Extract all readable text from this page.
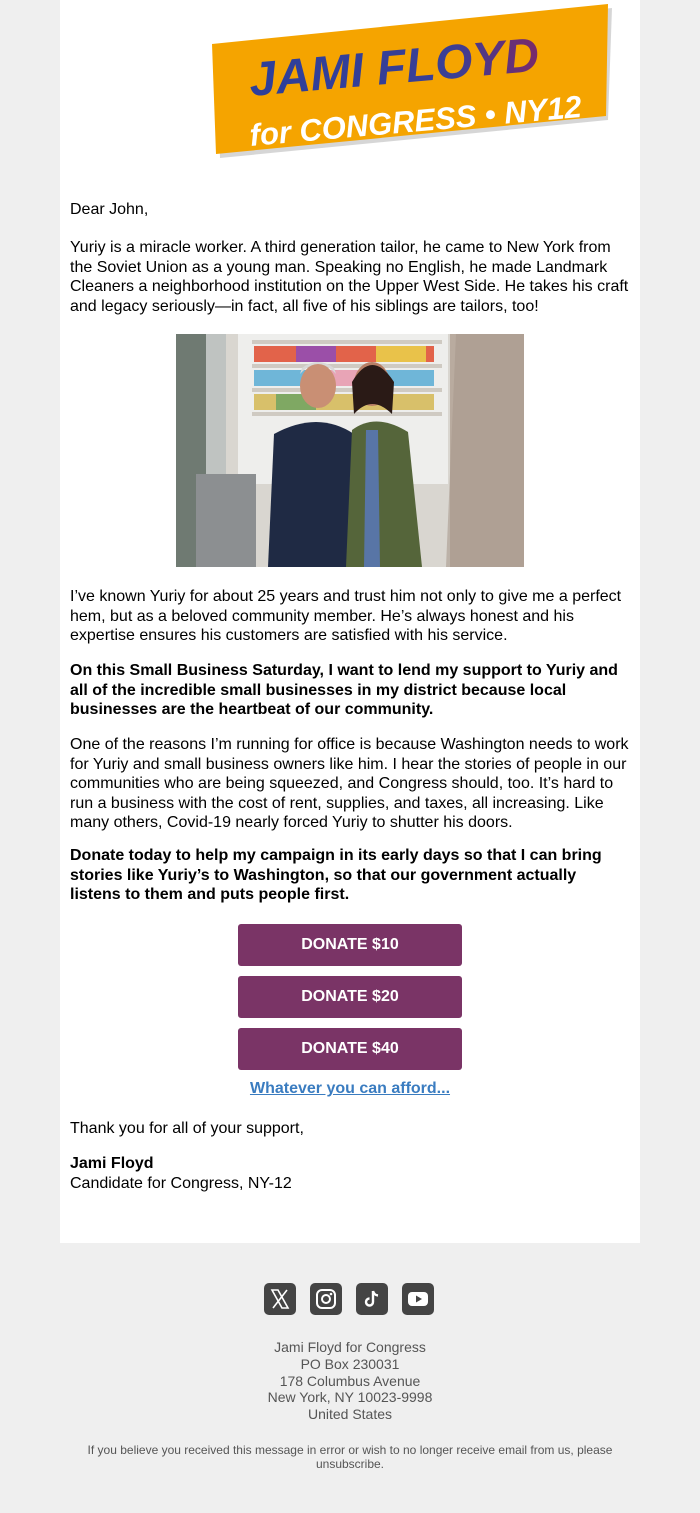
JAMI FLOYD
for CONGRESS • NY12
Dear John,
Yuriy is a miracle worker. A third generation tailor, he came to New York from the Soviet Union as a young man. Speaking no English, he made Landmark Cleaners a neighborhood institution on the Upper West Side. He takes his craft and legacy seriously—in fact, all five of his siblings are tailors, too!
I’ve known Yuriy for about 25 years and trust him not only to give me a perfect hem, but as a beloved community member. He’s always honest and his expertise ensures his customers are satisfied with his service.
On this Small Business Saturday, I want to lend my support to Yuriy and all of the incredible small businesses in my district because local businesses are the heartbeat of our community.
One of the reasons I’m running for office is because Washington needs to work for Yuriy and small business owners like him. I hear the stories of people in our communities who are being squeezed, and Congress should, too. It’s hard to run a business with the cost of rent, supplies, and taxes, all increasing. Like many others, Covid-19 nearly forced Yuriy to shutter his doors.
Donate today to help my campaign in its early days so that I can bring stories like Yuriy’s to Washington, so that our government actually listens to them and puts people first.
DONATE $10
DONATE $20
DONATE $40
Whatever you can afford...
Thank you for all of your support,
Jami Floyd
Candidate for Congress, NY-12
Jami Floyd for Congress
PO Box 230031
178 Columbus Avenue
New York, NY 10023-9998
United States
If you believe you received this message in error or wish to no longer receive email from us, please unsubscribe.
